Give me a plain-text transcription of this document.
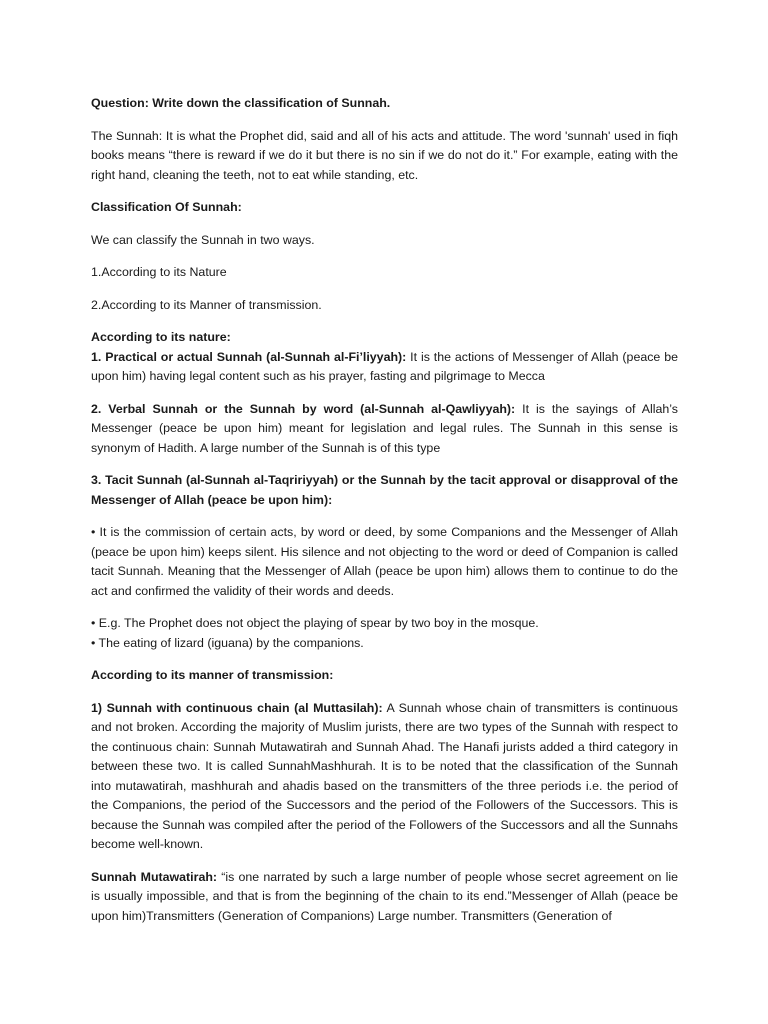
Question: Write down the classification of Sunnah.

The Sunnah: It is what the Prophet did, said and all of his acts and attitude. The word 'sunnah' used in fiqh books means “there is reward if we do it but there is no sin if we do not do it.” For example, eating with the right hand, cleaning the teeth, not to eat while standing, etc.

Classification Of Sunnah:

We can classify the Sunnah in two ways.

1.According to its Nature

2.According to its Manner of transmission.

According to its nature:

1. Practical or actual Sunnah (al-Sunnah al-Fi’liyyah): It is the actions of Messenger of Allah (peace be upon him) having legal content such as his prayer, fasting and pilgrimage to Mecca

2. Verbal Sunnah or the Sunnah by word (al-Sunnah al-Qawliyyah): It is the sayings of Allah’s Messenger (peace be upon him) meant for legislation and legal rules. The Sunnah in this sense is synonym of Hadith. A large number of the Sunnah is of this type

3. Tacit Sunnah (al-Sunnah al-Taqririyyah) or the Sunnah by the tacit approval or disapproval of the Messenger of Allah (peace be upon him):

• It is the commission of certain acts, by word or deed, by some Companions and the Messenger of Allah (peace be upon him) keeps silent. His silence and not objecting to the word or deed of Companion is called tacit Sunnah. Meaning that the Messenger of Allah (peace be upon him) allows them to continue to do the act and confirmed the validity of their words and deeds.

• E.g. The Prophet does not object the playing of spear by two boy in the mosque.

• The eating of lizard (iguana) by the companions.

According to its manner of transmission:

1) Sunnah with continuous chain (al Muttasilah): A Sunnah whose chain of transmitters is continuous and not broken. According the majority of Muslim jurists, there are two types of the Sunnah with respect to the continuous chain: Sunnah Mutawatirah and Sunnah Ahad. The Hanafi jurists added a third category in between these two. It is called SunnahMashhurah. It is to be noted that the classification of the Sunnah into mutawatirah, mashhurah and ahadis based on the transmitters of the three periods i.e. the period of the Companions, the period of the Successors and the period of the Followers of the Successors. This is because the Sunnah was compiled after the period of the Followers of the Successors and all the Sunnahs become well-known.

Sunnah Mutawatirah: “is one narrated by such a large number of people whose secret agreement on lie is usually impossible, and that is from the beginning of the chain to its end.”Messenger of Allah (peace be upon him)Transmitters (Generation of Companions) Large number. Transmitters (Generation of
